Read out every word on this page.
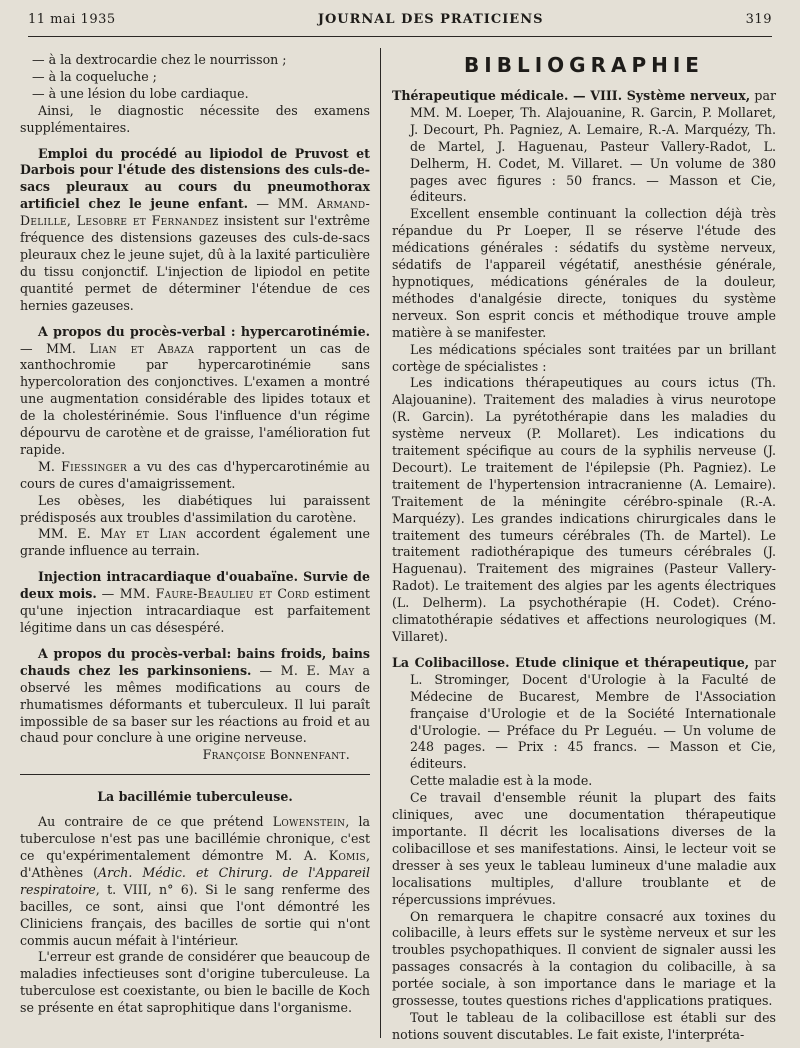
11 mai 1935	JOURNAL DES PRATICIENS	319

— à la dextrocardie chez le nourrisson ;

— à la coqueluche ;

— à une lésion du lobe cardiaque.

Ainsi, le diagnostic nécessite des examens supplémentaires.

Emploi du procédé au lipiodol de Pruvost et Darbois pour l'étude des distensions des culs-de-sacs pleuraux au cours du pneumothorax artificiel chez le jeune enfant. — MM. Armand-Delille, Lesobre et Fernandez insistent sur l'extrême fréquence des distensions gazeuses des culs-de-sacs pleuraux chez le jeune sujet, dû à la laxité particulière du tissu conjonctif. L'injection de lipiodol en petite quantité permet de déterminer l'étendue de ces hernies gazeuses.

A propos du procès-verbal : hypercarotinémie. — MM. Lian et Abaza rapportent un cas de xanthochromie par hypercarotinémie sans hypercoloration des conjonctives. L'examen a montré une augmentation considérable des lipides totaux et de la cholestérinémie. Sous l'influence d'un régime dépourvu de carotène et de graisse, l'amélioration fut rapide.

M. Fiessinger a vu des cas d'hypercarotinémie au cours de cures d'amaigrissement.

Les obèses, les diabétiques lui paraissent prédisposés aux troubles d'assimilation du carotène.

MM. E. May et Lian accordent également une grande influence au terrain.

Injection intracardiaque d'ouabaïne. Survie de deux mois. — MM. Faure-Beaulieu et Cord estiment qu'une injection intracardiaque est parfaitement légitime dans un cas désespéré.

A propos du procès-verbal: bains froids, bains chauds chez les parkinsoniens. — M. E. May a observé les mêmes modifications au cours de rhumatismes déformants et tuberculeux. Il lui paraît impossible de sa baser sur les réactions au froid et au chaud pour conclure à une origine nerveuse.

Françoise Bonnenfant.

La bacillémie tuberculeuse.

Au contraire de ce que prétend Lowenstein, la tuberculose n'est pas une bacillémie chronique, c'est ce qu'expérimentalement démontre M. A. Komis, d'Athènes (Arch. Médic. et Chirurg. de l'Appareil respiratoire, t. VIII, n° 6). Si le sang renferme des bacilles, ce sont, ainsi que l'ont démontré les Cliniciens français, des bacilles de sortie qui n'ont commis aucun méfait à l'intérieur.

L'erreur est grande de considérer que beaucoup de maladies infectieuses sont d'origine tuberculeuse. La tuberculose est coexistante, ou bien le bacille de Koch se présente en état saprophitique dans l'organisme.

BIBLIOGRAPHIE

Thérapeutique médicale. — VIII. Système nerveux, par MM. M. Loeper, Th. Alajouanine, R. Garcin, P. Mollaret, J. Decourt, Ph. Pagniez, A. Lemaire, R.-A. Marquézy, Th. de Martel, J. Haguenau, Pasteur Vallery-Radot, L. Delherm, H. Codet, M. Villaret. — Un volume de 380 pages avec figures : 50 francs. — Masson et Cie, éditeurs.

Excellent ensemble continuant la collection déjà très répandue du Pr Loeper, Il se réserve l'étude des médications générales : sédatifs du système nerveux, sédatifs de l'appareil végétatif, anesthésie générale, hypnotiques, médications générales de la douleur, méthodes d'analgésie directe, toniques du système nerveux. Son esprit concis et méthodique trouve ample matière à se manifester.

Les médications spéciales sont traitées par un brillant cortège de spécialistes :

Les indications thérapeutiques au cours ictus (Th. Alajouanine). Traitement des maladies à virus neurotope (R. Garcin). La pyrétothérapie dans les maladies du système nerveux (P. Mollaret). Les indications du traitement spécifique au cours de la syphilis nerveuse (J. Decourt). Le traitement de l'épilepsie (Ph. Pagniez). Le traitement de l'hypertension intracranienne (A. Lemaire). Traitement de la méningite cérébro-spinale (R.-A. Marquézy). Les grandes indications chirurgicales dans le traitement des tumeurs cérébrales (Th. de Martel). Le traitement radiothérapique des tumeurs cérébrales (J. Haguenau). Traitement des migraines (Pasteur Vallery-Radot). Le traitement des algies par les agents électriques (L. Delherm). La psychothérapie (H. Codet). Créno-climatothérapie sédatives et affections neurologiques (M. Villaret).

La Colibacillose. Etude clinique et thérapeutique, par L. Strominger, Docent d'Urologie à la Faculté de Médecine de Bucarest, Membre de l'Association française d'Urologie et de la Société Internationale d'Urologie. — Préface du Pr Leguéu. — Un volume de 248 pages. — Prix : 45 francs. — Masson et Cie, éditeurs.

Cette maladie est à la mode.

Ce travail d'ensemble réunit la plupart des faits cliniques, avec une documentation thérapeutique importante. Il décrit les localisations diverses de la colibacillose et ses manifestations. Ainsi, le lecteur voit se dresser à ses yeux le tableau lumineux d'une maladie aux localisations multiples, d'allure troublante et de répercussions imprévues.

On remarquera le chapitre consacré aux toxines du colibacille, à leurs effets sur le système nerveux et sur les troubles psychopathiques. Il convient de signaler aussi les passages consacrés à la contagion du colibacille, à sa portée sociale, à son importance dans le mariage et la grossesse, toutes questions riches d'applications pratiques.

Tout le tableau de la colibacillose est établi sur des notions souvent discutables. Le fait existe, l'interpréta-
